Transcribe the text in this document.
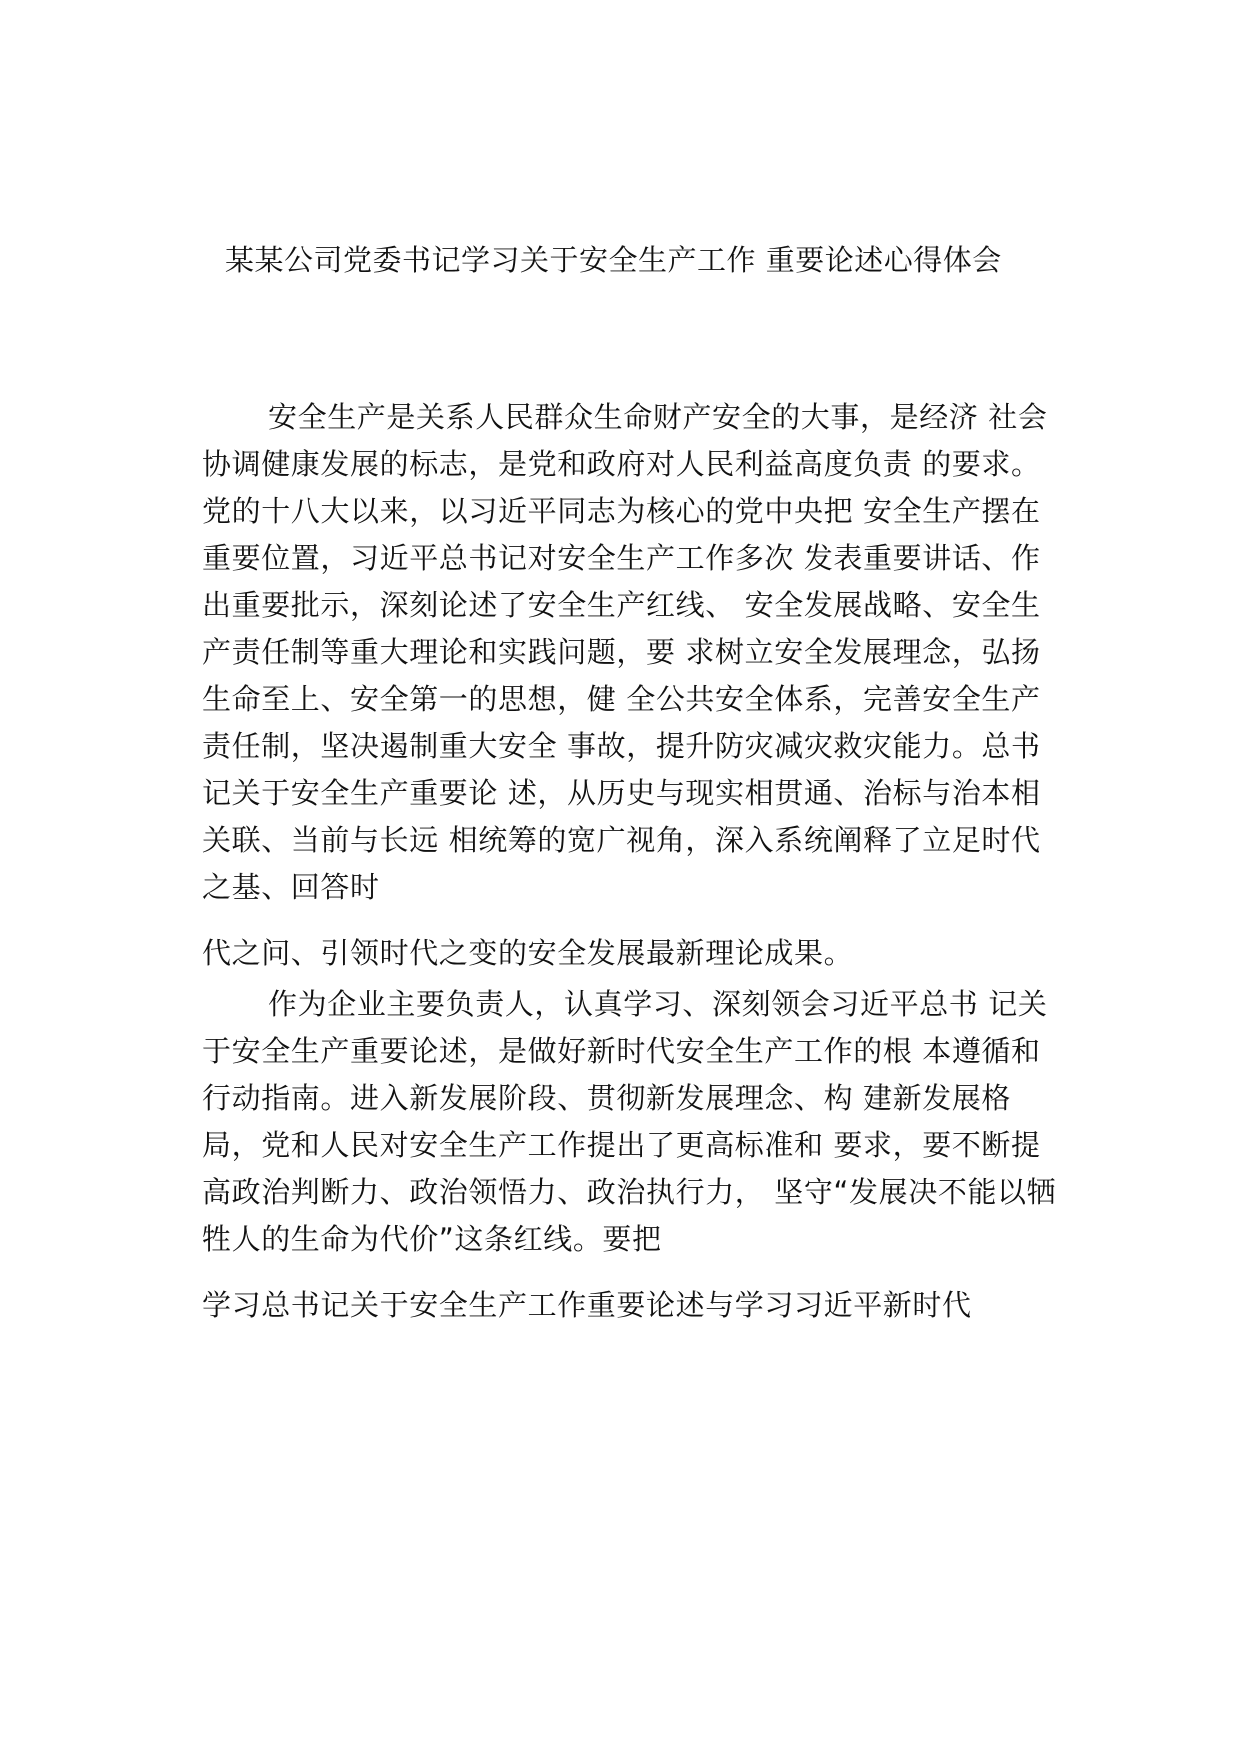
某某公司党委书记学习关于安全生产工作 重要论述心得体会
安全生产是关系人民群众生命财产安全的大事，是经济 社会
协调健康发展的标志，是党和政府对人民利益高度负责 的要求。
党的十八大以来，以习近平同志为核心的党中央把 安全生产摆在
重要位置，习近平总书记对安全生产工作多次 发表重要讲话、作
出重要批示，深刻论述了安全生产红线、 安全发展战略、安全生
产责任制等重大理论和实践问题，要 求树立安全发展理念，弘扬
生命至上、安全第一的思想，健 全公共安全体系，完善安全生产
责任制，坚决遏制重大安全 事故，提升防灾减灾救灾能力。总书
记关于安全生产重要论 述，从历史与现实相贯通、治标与治本相
关联、当前与长远 相统筹的宽广视角，深入系统阐释了立足时代
之基、回答时
代之问、引领时代之变的安全发展最新理论成果。
作为企业主要负责人，认真学习、深刻领会习近平总书 记关
于安全生产重要论述，是做好新时代安全生产工作的根 本遵循和
行动指南。进入新发展阶段、贯彻新发展理念、构 建新发展格
局，党和人民对安全生产工作提出了更高标准和 要求，要不断提
高政治判断力、政治领悟力、政治执行力， 坚守“发展决不能以牺
牲人的生命为代价”这条红线。要把
学习总书记关于安全生产工作重要论述与学习习近平新时代
